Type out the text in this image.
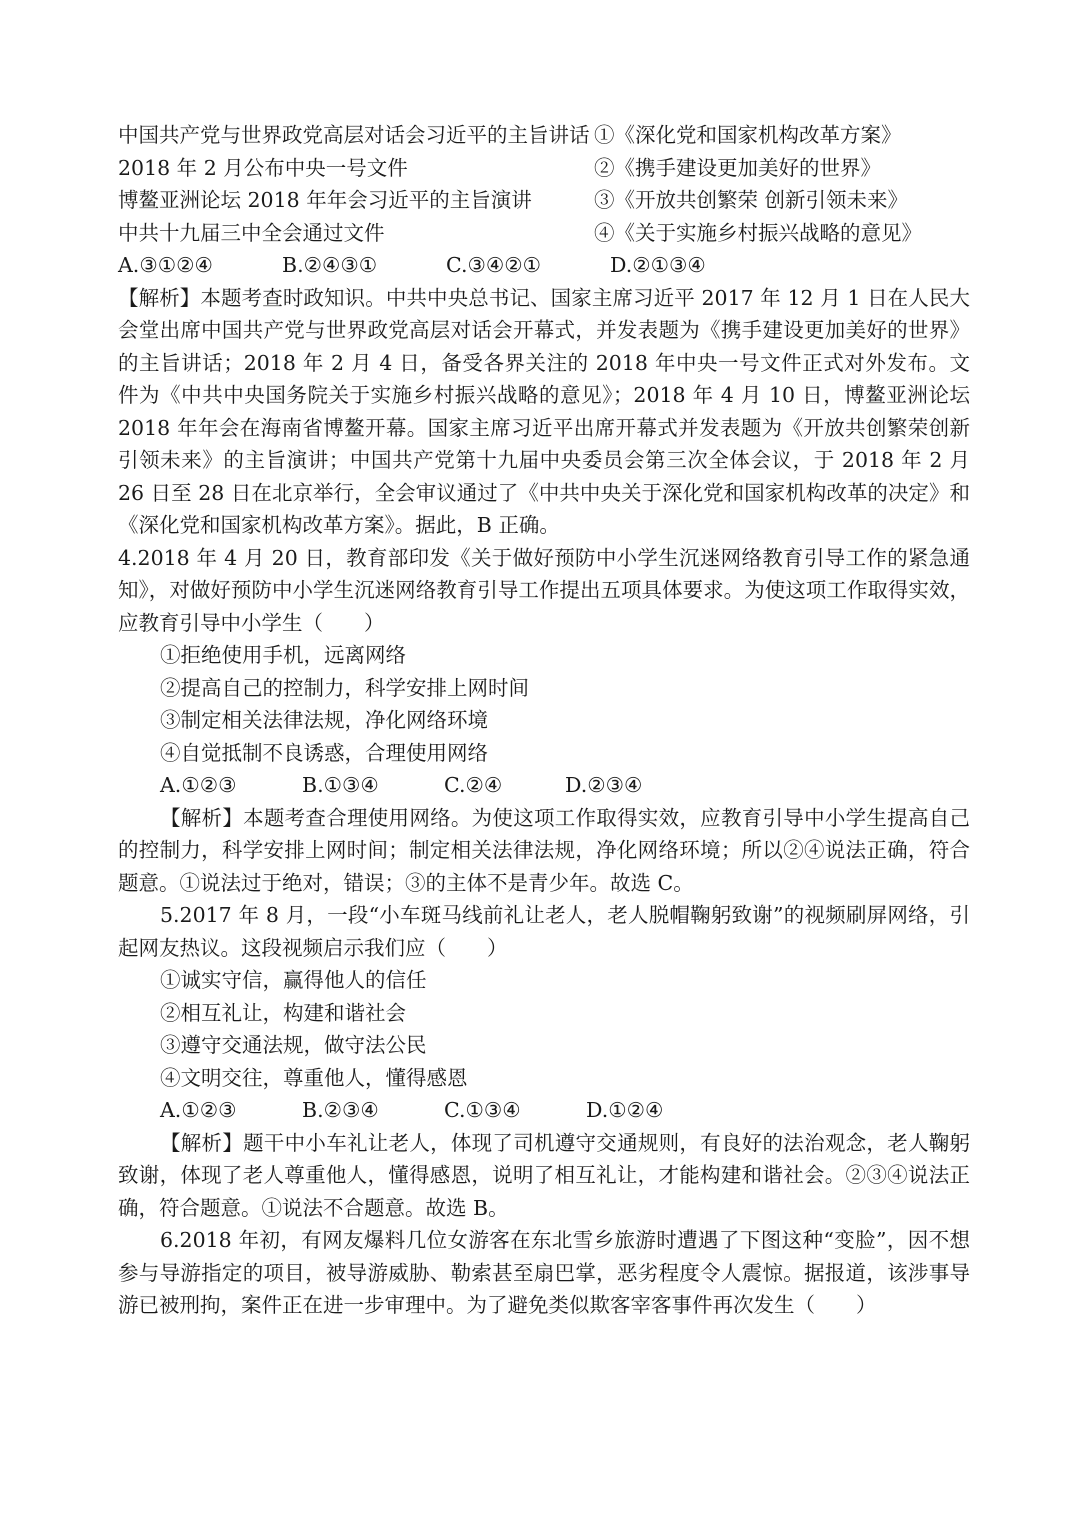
中国共产党与世界政党高层对话会习近平的主旨讲话 ①《深化党和国家机构改革方案》
2018 年 2 月公布中央一号文件	②《携手建设更加美好的世界》
博鳌亚洲论坛 2018 年年会习近平的主旨演讲	③《开放共创繁荣 创新引领未来》
中共十九届三中全会通过文件	④《关于实施乡村振兴战略的意见》
A.③①②④	B.②④③①	C.③④②①	D.②①③④
【解析】本题考查时政知识。中共中央总书记、国家主席习近平 2017 年 12 月 1 日在人民大会堂出席中国共产党与世界政党高层对话会开幕式，并发表题为《携手建设更加美好的世界》的主旨讲话；2018 年 2 月 4 日，备受各界关注的 2018 年中央一号文件正式对外发布。文件为《中共中央国务院关于实施乡村振兴战略的意见》；2018 年 4 月 10 日，博鳌亚洲论坛 2018 年年会在海南省博鳌开幕。国家主席习近平出席开幕式并发表题为《开放共创繁荣创新引领未来》的主旨演讲；中国共产党第十九届中央委员会第三次全体会议，于 2018 年 2 月 26 日至 28 日在北京举行，全会审议通过了《中共中央关于深化党和国家机构改革的决定》和《深化党和国家机构改革方案》。据此，B 正确。
4.2018 年 4 月 20 日，教育部印发《关于做好预防中小学生沉迷网络教育引导工作的紧急通知》，对做好预防中小学生沉迷网络教育引导工作提出五项具体要求。为使这项工作取得实效，应教育引导中小学生（　　）
①拒绝使用手机，远离网络
②提高自己的控制力，科学安排上网时间
③制定相关法律法规，净化网络环境
④自觉抵制不良诱惑，合理使用网络
A.①②③	B.①③④	C.②④	D.②③④
【解析】本题考查合理使用网络。为使这项工作取得实效，应教育引导中小学生提高自己的控制力，科学安排上网时间；制定相关法律法规，净化网络环境；所以②④说法正确，符合题意。①说法过于绝对，错误；③的主体不是青少年。故选 C。
5.2017 年 8 月，一段“小车斑马线前礼让老人，老人脱帽鞠躬致谢”的视频刷屏网络，引起网友热议。这段视频启示我们应（　　）
①诚实守信，赢得他人的信任
②相互礼让，构建和谐社会
③遵守交通法规，做守法公民
④文明交往，尊重他人，懂得感恩
A.①②③	B.②③④	C.①③④	D.①②④
【解析】题干中小车礼让老人，体现了司机遵守交通规则，有良好的法治观念，老人鞠躬致谢，体现了老人尊重他人，懂得感恩，说明了相互礼让，才能构建和谐社会。②③④说法正确，符合题意。①说法不合题意。故选 B。
6.2018 年初，有网友爆料几位女游客在东北雪乡旅游时遭遇了下图这种“变脸”，因不想参与导游指定的项目，被导游威胁、勒索甚至扇巴掌，恶劣程度令人震惊。据报道，该涉事导游已被刑拘，案件正在进一步审理中。为了避免类似欺客宰客事件再次发生（　　）
